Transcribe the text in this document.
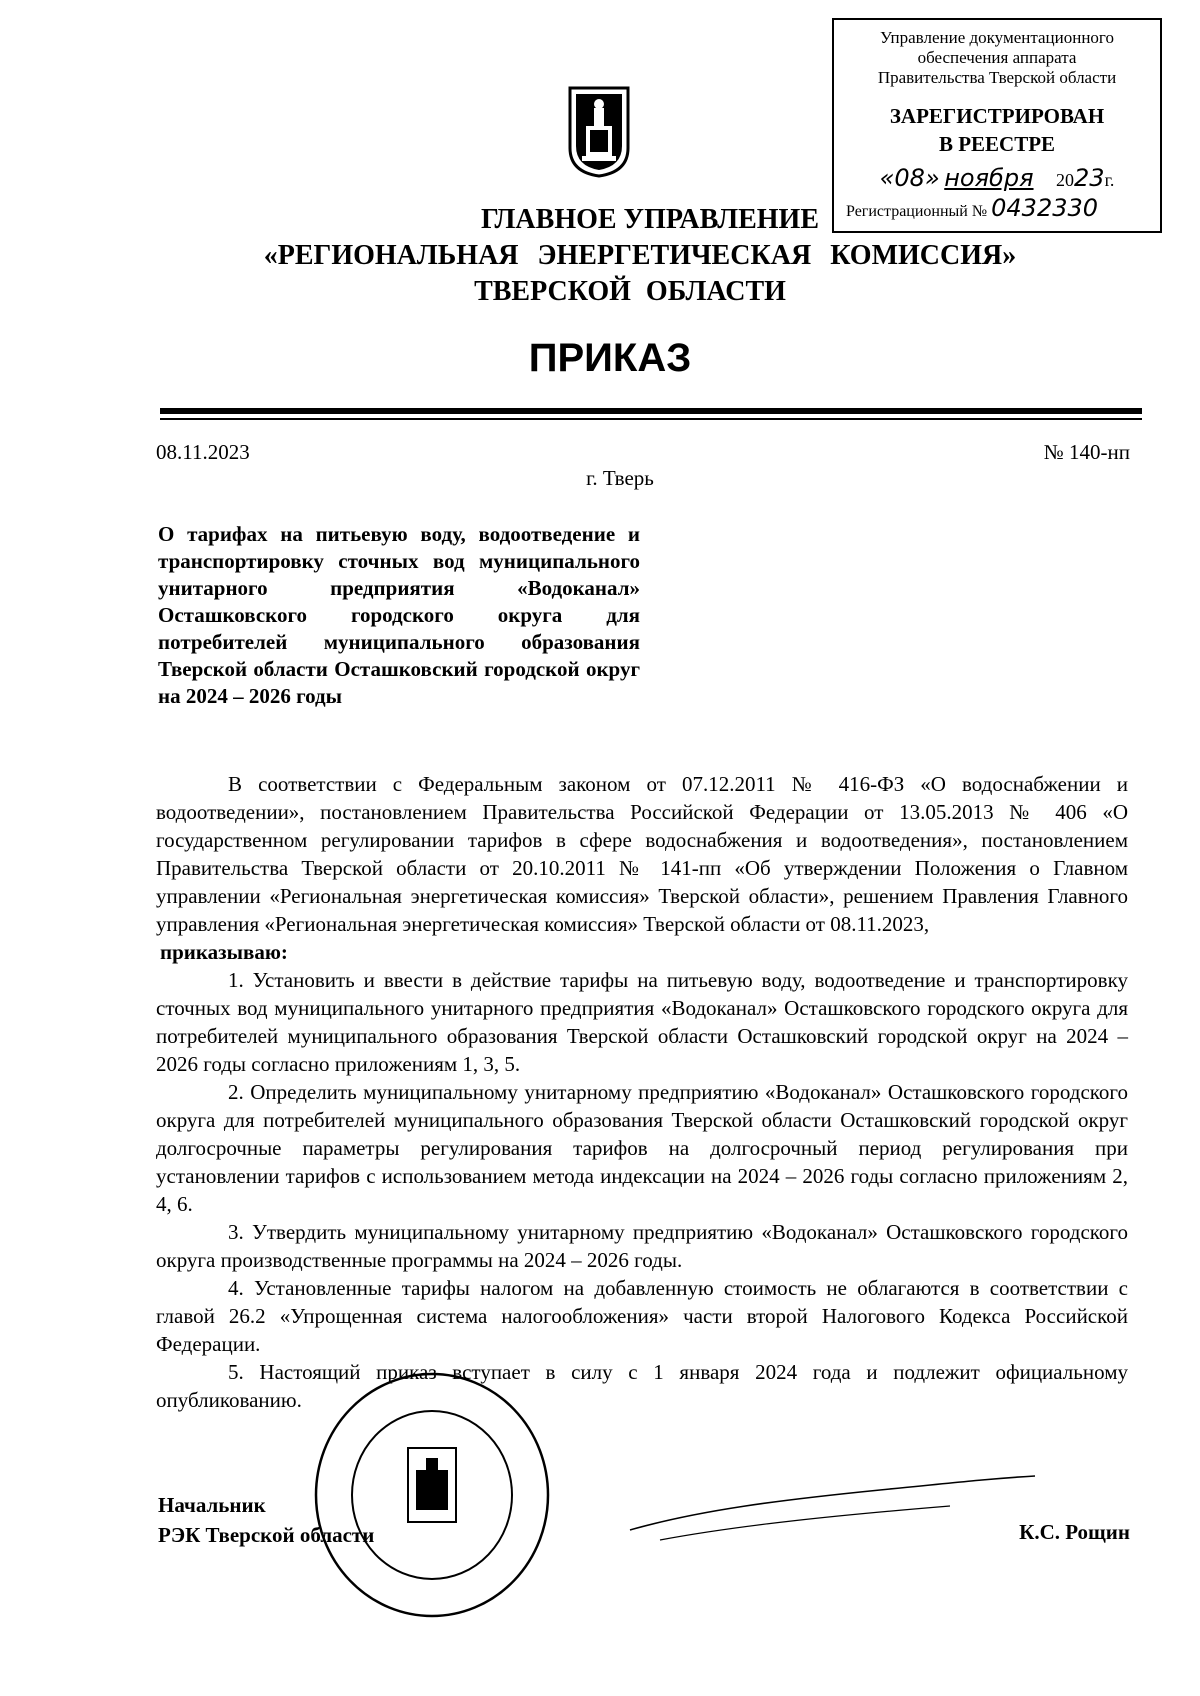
Управление документационного
обеспечения аппарата
Правительства Тверской области
ЗАРЕГИСТРИРОВАН
В РЕЕСТРЕ
«08» ноября 2023г.
Регистрационный № 0432330
ГЛАВНОЕ УПРАВЛЕНИЕ
«РЕГИОНАЛЬНАЯ ЭНЕРГЕТИЧЕСКАЯ КОМИССИЯ»
ТВЕРСКОЙ ОБЛАСТИ
ПРИКАЗ
08.11.2023	№ 140-нп
г. Тверь
О тарифах на питьевую воду, водоотведение и транспортировку сточных вод муниципального унитарного предприятия «Водоканал» Осташковского городского округа для потребителей муниципального образования Тверской области Осташковский городской округ на 2024 – 2026 годы

В соответствии с Федеральным законом от 07.12.2011 № 416-ФЗ «О водоснабжении и водоотведении», постановлением Правительства Российской Федерации от 13.05.2013 № 406 «О государственном регулировании тарифов в сфере водоснабжения и водоотведения», постановлением Правительства Тверской области от 20.10.2011 № 141-пп «Об утверждении Положения о Главном управлении «Региональная энергетическая комиссия» Тверской области», решением Правления Главного управления «Региональная энергетическая комиссия» Тверской области от 08.11.2023,

приказываю:

1. Установить и ввести в действие тарифы на питьевую воду, водоотведение и транспортировку сточных вод муниципального унитарного предприятия «Водоканал» Осташковского городского округа для потребителей муниципального образования Тверской области Осташковский городской округ на 2024 – 2026 годы согласно приложениям 1, 3, 5.

2. Определить муниципальному унитарному предприятию «Водоканал» Осташковского городского округа для потребителей муниципального образования Тверской области Осташковский городской округ долгосрочные параметры регулирования тарифов на долгосрочный период регулирования при установлении тарифов с использованием метода индексации на 2024 – 2026 годы согласно приложениям 2, 4, 6.

3. Утвердить муниципальному унитарному предприятию «Водоканал» Осташковского городского округа производственные программы на 2024 – 2026 годы.

4. Установленные тарифы налогом на добавленную стоимость не облагаются в соответствии с главой 26.2 «Упрощенная система налогообложения» части второй Налогового Кодекса Российской Федерации.

5. Настоящий приказ вступает в силу с 1 января 2024 года и подлежит официальному опубликованию.

Начальник
РЭК Тверской области	К.С. Рощин
